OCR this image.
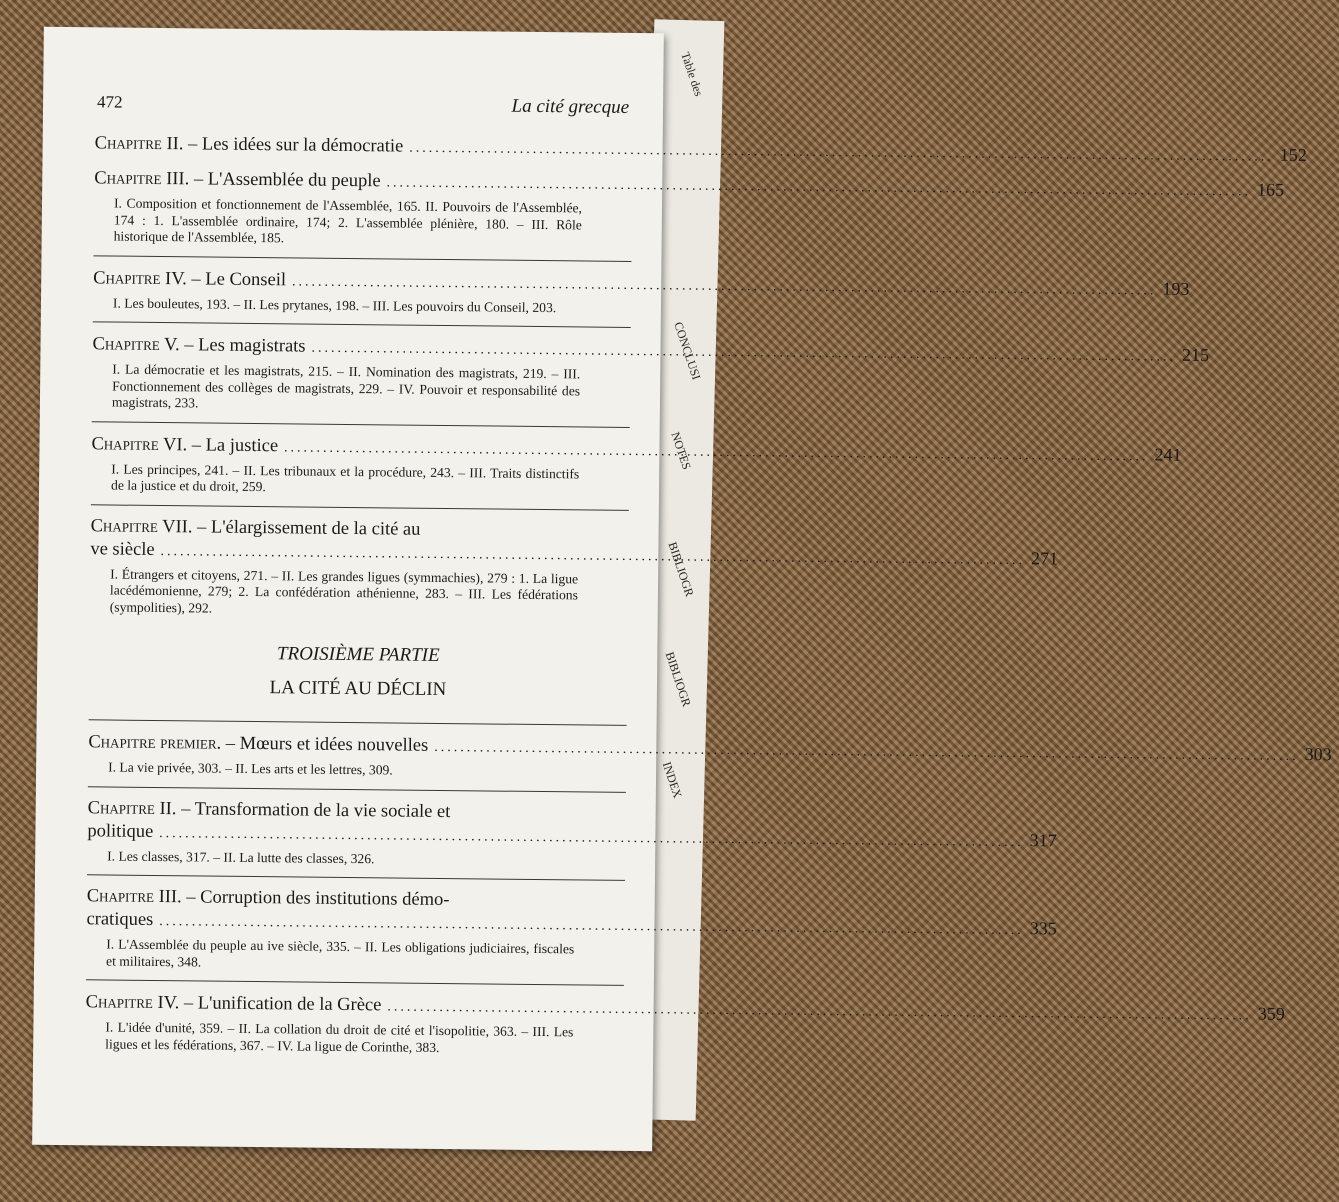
Table des
CONCLUSI
NOTES
BIBLIOGR
BIBLIOGR
INDEX
472	La cité grecque
Chapitre II. – Les idées sur la démocratie .....	152
Chapitre III. – L'Assemblée du peuple .....	165
I. Composition et fonctionnement de l'Assemblée, 165. II. Pouvoirs de l'Assemblée, 174 : 1. L'assemblée ordinaire, 174; 2. L'assemblée plénière, 180. – III. Rôle historique de l'Assemblée, 185.
Chapitre IV. – Le Conseil .....	193
I. Les bouleutes, 193. – II. Les prytanes, 198. – III. Les pouvoirs du Conseil, 203.
Chapitre V. – Les magistrats .....	215
I. La démocratie et les magistrats, 215. – II. Nomination des magistrats, 219. – III. Fonctionnement des collèges de magistrats, 229. – IV. Pouvoir et responsabilité des magistrats, 233.
Chapitre VI. – La justice .....	241
I. Les principes, 241. – II. Les tribunaux et la procédure, 243. – III. Traits distinctifs de la justice et du droit, 259.
Chapitre VII. – L'élargissement de la cité au
ve siècle .....	271
I. Étrangers et citoyens, 271. – II. Les grandes ligues (symmachies), 279 : 1. La ligue lacédémonienne, 279; 2. La confédération athénienne, 283. – III. Les fédérations (sympolities), 292.
TROISIÈME PARTIE
LA CITÉ AU DÉCLIN
Chapitre premier. – Mœurs et idées nouvelles .....	303
I. La vie privée, 303. – II. Les arts et les lettres, 309.
Chapitre II. – Transformation de la vie sociale et
politique .....	317
I. Les classes, 317. – II. La lutte des classes, 326.
Chapitre III. – Corruption des institutions démo-
cratiques .....	335
I. L'Assemblée du peuple au ive siècle, 335. – II. Les obligations judiciaires, fiscales et militaires, 348.
Chapitre IV. – L'unification de la Grèce .....	359
I. L'idée d'unité, 359. – II. La collation du droit de cité et l'isopolitie, 363. – III. Les ligues et les fédérations, 367. – IV. La ligue de Corinthe, 383.
